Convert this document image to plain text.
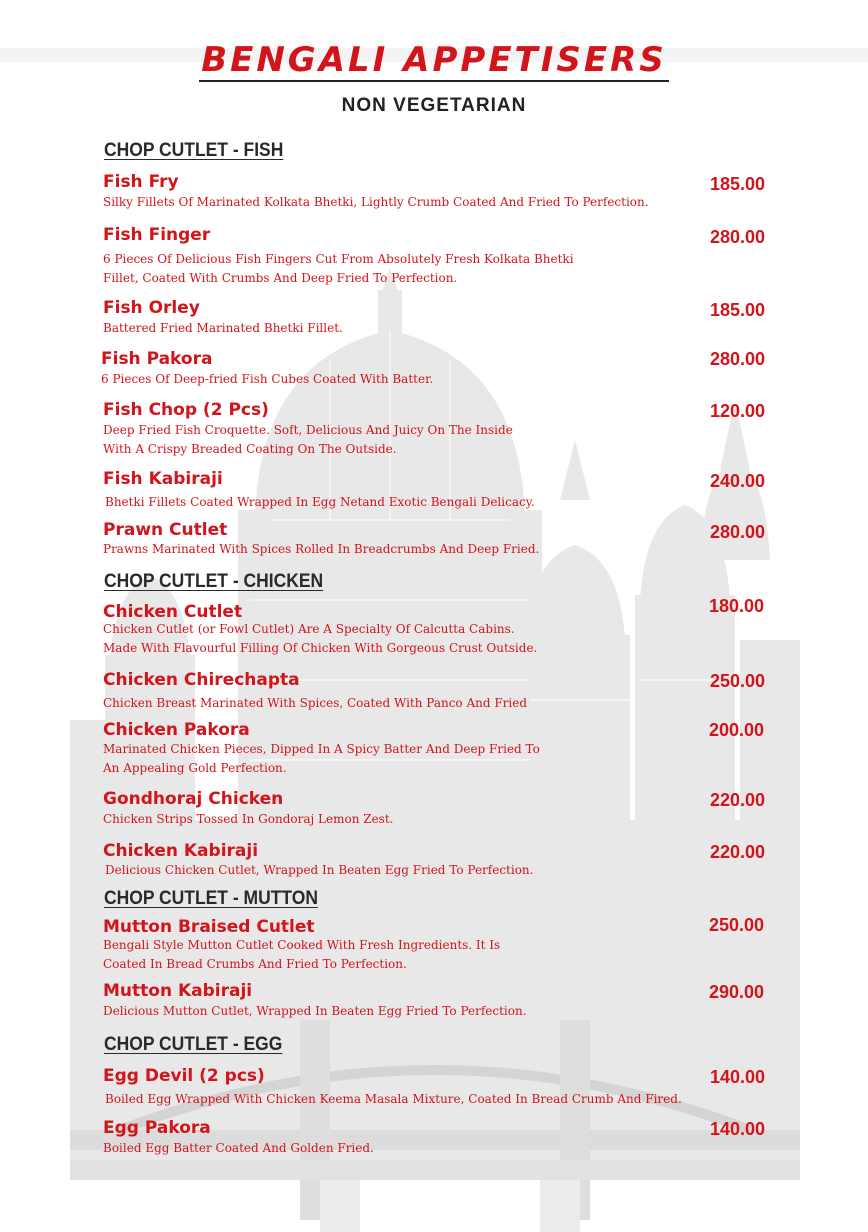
BENGALI APPETISERS
NON VEGETARIAN
CHOP CUTLET - FISH
Fish Fry
Silky Fillets Of Marinated Kolkata Bhetki, Lightly Crumb Coated And Fried To Perfection.
185.00
Fish Finger
6 Pieces Of Delicious Fish Fingers Cut From Absolutely Fresh Kolkata Bhetki
Fillet, Coated With Crumbs And Deep Fried To Perfection.
280.00
Fish Orley
Battered Fried Marinated Bhetki Fillet.
185.00
Fish Pakora
6 Pieces Of Deep-fried Fish Cubes Coated With Batter.
280.00
Fish Chop (2 Pcs)
Deep Fried Fish Croquette. Soft, Delicious And Juicy On The Inside
With A Crispy Breaded Coating On The Outside.
120.00
Fish Kabiraji
Bhetki Fillets Coated Wrapped In Egg Netand Exotic Bengali Delicacy.
240.00
Prawn Cutlet
Prawns Marinated With Spices Rolled In Breadcrumbs And Deep Fried.
280.00
CHOP CUTLET - CHICKEN
Chicken Cutlet
Chicken Cutlet (or Fowl Cutlet) Are A Specialty Of Calcutta Cabins.
Made With Flavourful Filling Of Chicken With Gorgeous Crust Outside.
180.00
Chicken Chirechapta
Chicken Breast Marinated With Spices, Coated With Panco And Fried
250.00
Chicken Pakora
Marinated Chicken Pieces, Dipped In A Spicy Batter And Deep Fried To
An Appealing Gold Perfection.
200.00
Gondhoraj Chicken
Chicken Strips Tossed In Gondoraj Lemon Zest.
220.00
Chicken Kabiraji
Delicious Chicken Cutlet, Wrapped In Beaten Egg Fried To Perfection.
220.00
CHOP CUTLET - MUTTON
Mutton Braised Cutlet
Bengali Style Mutton Cutlet Cooked With Fresh Ingredients. It Is
Coated In Bread Crumbs And Fried To Perfection.
250.00
Mutton Kabiraji
Delicious Mutton Cutlet, Wrapped In Beaten Egg Fried To Perfection.
290.00
CHOP CUTLET - EGG
Egg Devil (2 pcs)
Boiled Egg Wrapped With Chicken Keema Masala Mixture, Coated In Bread Crumb And Fired.
140.00
Egg Pakora
Boiled Egg Batter Coated And Golden Fried.
140.00
